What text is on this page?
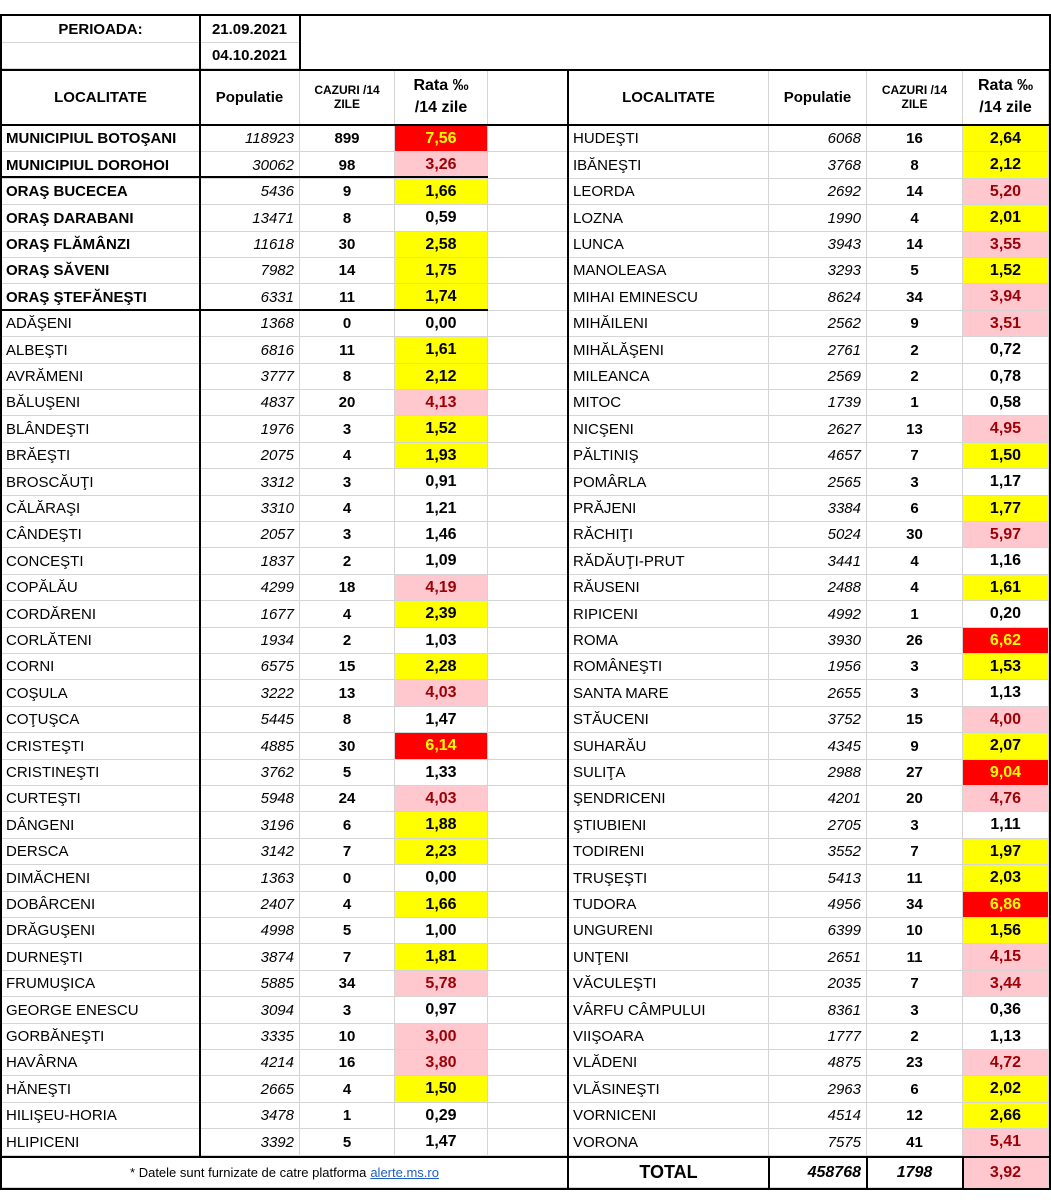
PERIOADA:	21.09.2021
04.10.2021
LOCALITATE	Populatie	CAZURI /14
ZILE
Rata ‰
/14 zile
LOCALITATE	Populatie	CAZURI /14
ZILE
Rata ‰
/14 zile
MUNICIPIUL BOTOŞANI	118923	899	7,56
MUNICIPIUL DOROHOI	30062	98	3,26
ORAŞ BUCECEA	5436	9	1,66
ORAŞ DARABANI	13471	8	0,59
ORAŞ FLĂMÂNZI	11618	30	2,58
ORAŞ SĂVENI	7982	14	1,75
ORAŞ ŞTEFĂNEŞTI	6331	11	1,74
ADĂŞENI	1368	0	0,00
ALBEŞTI	6816	11	1,61
AVRĂMENI	3777	8	2,12
BĂLUŞENI	4837	20	4,13
BLÂNDEŞTI	1976	3	1,52
BRĂEŞTI	2075	4	1,93
BROSCĂUŢI	3312	3	0,91
CĂLĂRAŞI	3310	4	1,21
CÂNDEŞTI	2057	3	1,46
CONCEŞTI	1837	2	1,09
COPĂLĂU	4299	18	4,19
CORDĂRENI	1677	4	2,39
CORLĂTENI	1934	2	1,03
CORNI	6575	15	2,28
COŞULA	3222	13	4,03
COŢUŞCA	5445	8	1,47
CRISTEŞTI	4885	30	6,14
CRISTINEŞTI	3762	5	1,33
CURTEŞTI	5948	24	4,03
DÂNGENI	3196	6	1,88
DERSCA	3142	7	2,23
DIMĂCHENI	1363	0	0,00
DOBÂRCENI	2407	4	1,66
DRĂGUŞENI	4998	5	1,00
DURNEŞTI	3874	7	1,81
FRUMUŞICA	5885	34	5,78
GEORGE ENESCU	3094	3	0,97
GORBĂNEŞTI	3335	10	3,00
HAVÂRNA	4214	16	3,80
HĂNEŞTI	2665	4	1,50
HILIŞEU-HORIA	3478	1	0,29
HLIPICENI	3392	5	1,47
HUDEŞTI	6068	16	2,64
IBĂNEŞTI	3768	8	2,12
LEORDA	2692	14	5,20
LOZNA	1990	4	2,01
LUNCA	3943	14	3,55
MANOLEASA	3293	5	1,52
MIHAI EMINESCU	8624	34	3,94
MIHĂILENI	2562	9	3,51
MIHĂLĂŞENI	2761	2	0,72
MILEANCA	2569	2	0,78
MITOC	1739	1	0,58
NICŞENI	2627	13	4,95
PĂLTINIŞ	4657	7	1,50
POMÂRLA	2565	3	1,17
PRĂJENI	3384	6	1,77
RĂCHIŢI	5024	30	5,97
RĂDĂUŢI-PRUT	3441	4	1,16
RĂUSENI	2488	4	1,61
RIPICENI	4992	1	0,20
ROMA	3930	26	6,62
ROMÂNEŞTI	1956	3	1,53
SANTA MARE	2655	3	1,13
STĂUCENI	3752	15	4,00
SUHARĂU	4345	9	2,07
SULIŢA	2988	27	9,04
ŞENDRICENI	4201	20	4,76
ŞTIUBIENI	2705	3	1,11
TODIRENI	3552	7	1,97
TRUŞEŞTI	5413	11	2,03
TUDORA	4956	34	6,86
UNGURENI	6399	10	1,56
UNŢENI	2651	11	4,15
VĂCULEŞTI	2035	7	3,44
VÂRFU CÂMPULUI	8361	3	0,36
VIIŞOARA	1777	2	1,13
VLĂDENI	4875	23	4,72
VLĂSINEŞTI	2963	6	2,02
VORNICENI	4514	12	2,66
VORONA	7575	41	5,41
* Datele sunt furnizate de catre platforma alerte.ms.ro	TOTAL	458768	1798	3,92
